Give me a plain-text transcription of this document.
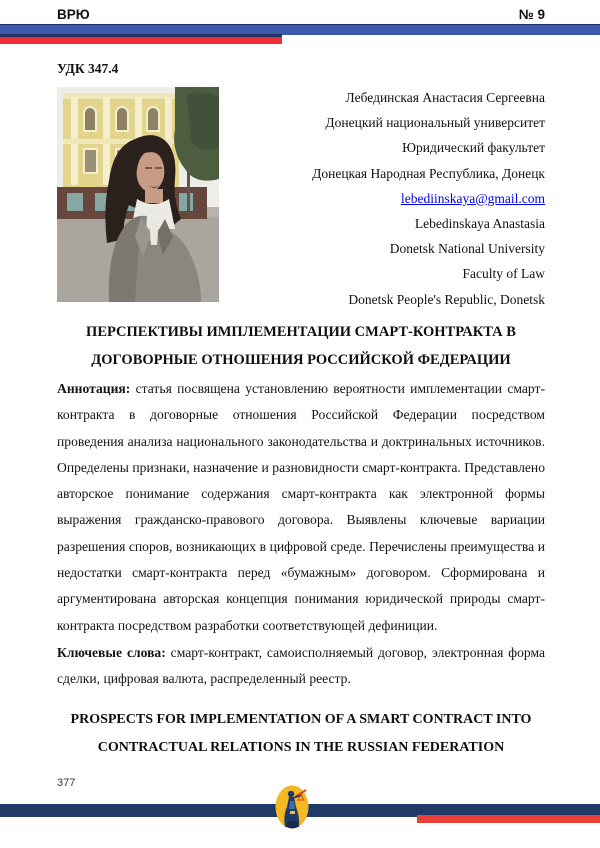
ВРЮ	№ 9
УДК 347.4
Лебединская Анастасия Сергеевна
Донецкий национальный университет
Юридический факультет
Донецкая Народная Республика, Донецк
lebediinskaya@gmail.com
Lebedinskaya Anastasia
Donetsk National University
Faculty of Law
Donetsk People's Republic, Donetsk
ПЕРСПЕКТИВЫ ИМПЛЕМЕНТАЦИИ СМАРТ-КОНТРАКТА В ДОГОВОРНЫЕ ОТНОШЕНИЯ РОССИЙСКОЙ ФЕДЕРАЦИИ

Аннотация: статья посвящена установлению вероятности имплементации смарт-контракта в договорные отношения Российской Федерации посредством проведения анализа национального законодательства и доктринальных источников. Определены признаки, назначение и разновидности смарт-контракта. Представлено авторское понимание содержания смарт-контракта как электронной формы выражения гражданско-правового договора. Выявлены ключевые вариации разрешения споров, возникающих в цифровой среде. Перечислены преимущества и недостатки смарт-контракта перед «бумажным» договором. Сформирована и аргументирована авторская концепция понимания юридической природы смарт-контракта посредством разработки соответствующей дефиниции.

Ключевые слова: смарт-контракт, самоисполняемый договор, электронная форма сделки, цифровая валюта, распределенный реестр.

PROSPECTS FOR IMPLEMENTATION OF A SMART CONTRACT INTO CONTRACTUAL RELATIONS IN THE RUSSIAN FEDERATION
377
